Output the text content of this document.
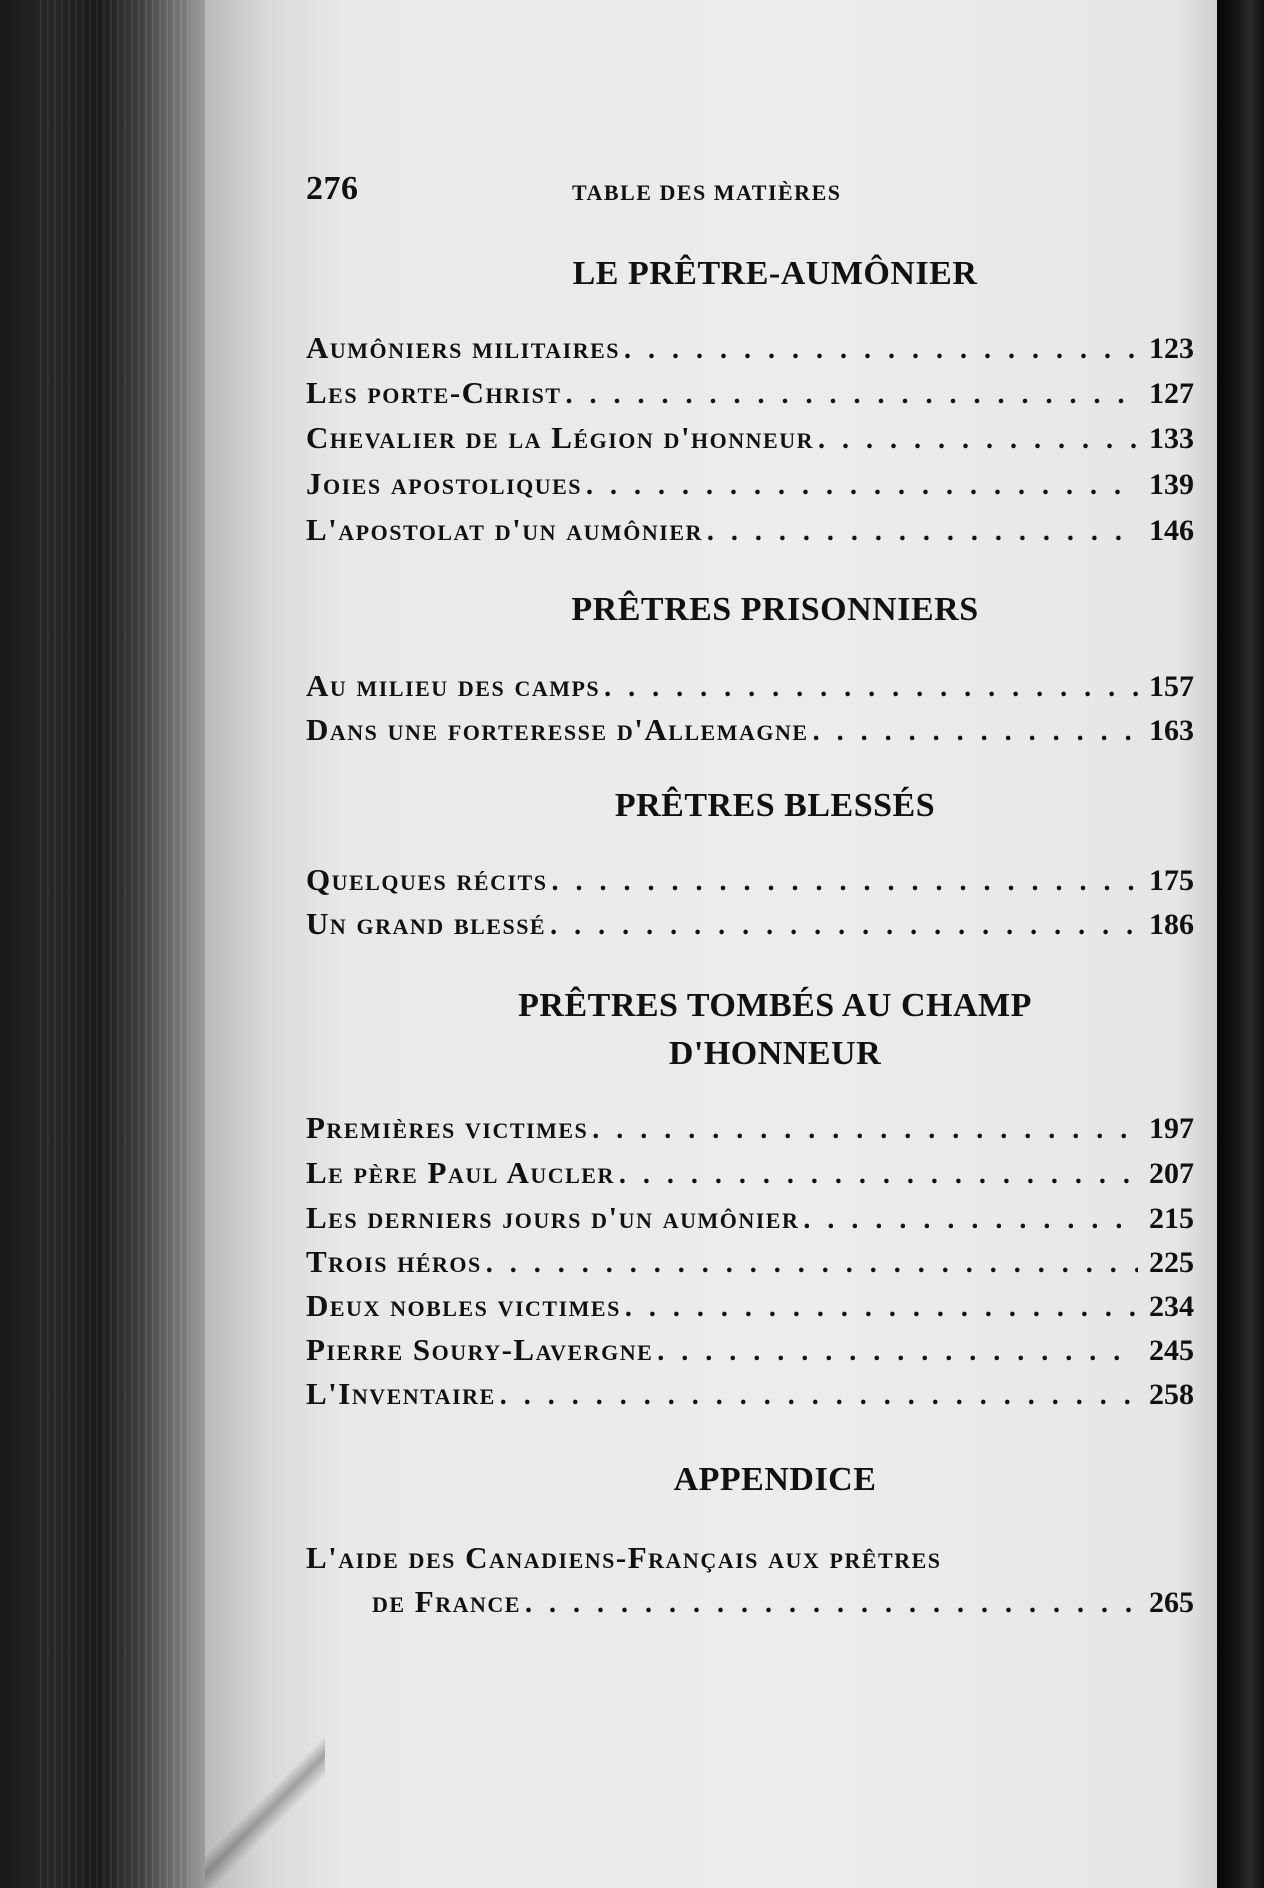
276	TABLE DES MATIÈRES
LE PRÊTRE-AUMÔNIER
Aumôniers militaires . . .	123
Les porte-Christ . . .	127
Chevalier de la Légion d'honneur . . .	133
Joies apostoliques . . .	139
L'apostolat d'un aumônier . . .	146
PRÊTRES PRISONNIERS
Au milieu des camps . . .	157
Dans une forteresse d'Allemagne . . .	163
PRÊTRES BLESSÉS
Quelques récits . . .	175
Un grand blessé . . .	186
PRÊTRES TOMBÉS AU CHAMP
D'HONNEUR
Premières victimes . . .	197
Le père Paul Aucler . . .	207
Les derniers jours d'un aumônier . . .	215
Trois héros . . .	225
Deux nobles victimes . . .	234
Pierre Soury-Lavergne . . .	245
L'Inventaire . . .	258
APPENDICE
L'aide des Canadiens-Français aux prêtres
de France . . .	265
